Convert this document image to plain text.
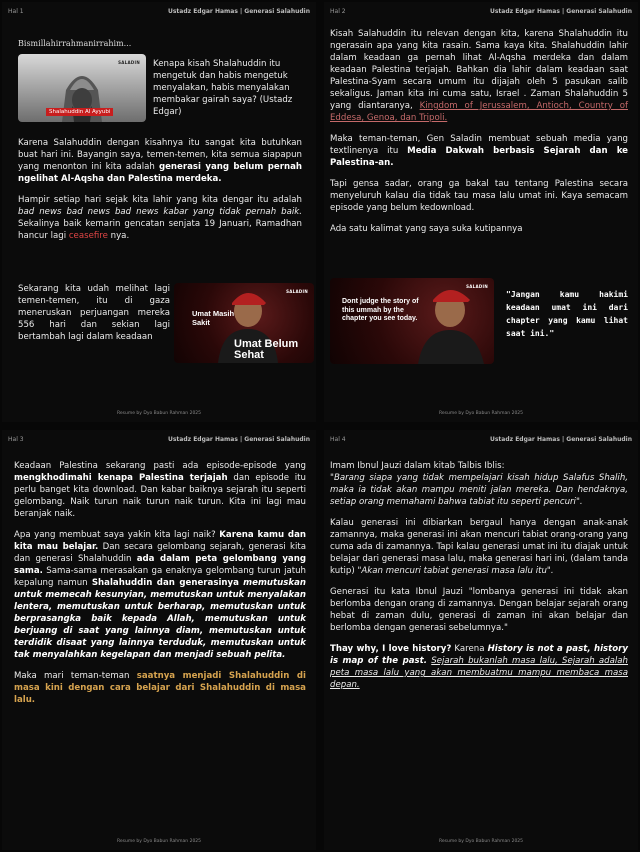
Hal 1	Ustadz Edgar Hamas | Generasi Salahudin
Bismillahirrahmanirrahim...
Shalahuddin Al Ayyubi
SALADIN Kenapa kisah Shalahuddin itu mengetuk dan habis mengetuk menyalakan, habis menyalakan membakar gairah saya? (Ustadz Edgar)

Karena Salahuddin dengan kisahnya itu sangat kita butuhkan buat hari ini. Bayangin saya, temen-temen, kita semua siapapun yang menonton ini kita adalah generasi yang belum pernah ngelihat Al-Aqsha dan Palestina merdeka.

Hampir setiap hari sejak kita lahir yang kita dengar itu adalah bad news bad news bad news kabar yang tidak pernah baik. Sekalinya baik kemarin gencatan senjata 19 Januari, Ramadhan hancur lagi ceasefire nya.

Sekarang kita udah melihat lagi temen-temen, itu di gaza meneruskan perjuangan mereka 556 hari dan sekian lagi bertambah lagi dalam keadaan
Umat Masih Sakit
Umat Belum Sehat
SALADIN
Resume by Dyo Babun Rahman 2025
Hal 2	Ustadz Edgar Hamas | Generasi Salahudin

Kisah Salahuddin itu relevan dengan kita, karena Shalahuddin itu ngerasain apa yang kita rasain. Sama kaya kita. Shalahuddin lahir dalam keadaan ga pernah lihat Al-Aqsha merdeka dan dalam keadaan Palestina terjajah. Bahkan dia lahir dalam keadaan saat Palestina-Syam secara umum itu dijajah oleh 5 pasukan salib sekaligus. Jaman kita ini cuma satu, Israel . Zaman Shalahuddin 5 yang diantaranya, Kingdom of Jerussalem, Antioch, Country of Eddesa, Genoa, dan Tripoli.

Maka teman-teman, Gen Saladin membuat sebuah media yang textlinenya itu Media Dakwah berbasis Sejarah dan ke Palestina-an.

Tapi gensa sadar, orang ga bakal tau tentang Palestina secara menyeluruh kalau dia tidak tau masa lalu umat ini. Kaya semacam episode yang belum kedownload.

Ada satu kalimat yang saya suka kutipannya

Dont judge the story of this ummah by the chapter you see today.
SALADIN
"Jangan kamu hakimi keadaan umat ini dari chapter yang kamu lihat saat ini."
Resume by Dyo Babun Rahman 2025
Hal 3	Ustadz Edgar Hamas | Generasi Salahudin

Keadaan Palestina sekarang pasti ada episode-episode yang mengkhodimahi kenapa Palestina terjajah dan episode itu perlu banget kita download. Dan kabar baiknya sejarah itu seperti gelombang. Naik turun naik turun naik turun. Kita ini lagi mau beranjak naik.

Apa yang membuat saya yakin kita lagi naik? Karena kamu dan kita mau belajar. Dan secara gelombang sejarah, generasi kita dan generasi Shalahuddin ada dalam peta gelombang yang sama. Sama-sama merasakan ga enaknya gelombang turun jatuh kepalung namun Shalahuddin dan generasinya memutuskan untuk memecah kesunyian, memutuskan untuk menyalakan lentera, memutuskan untuk berharap, memutuskan untuk berprasangka baik kepada Allah, memutuskan untuk berjuang di saat yang lainnya diam, memutuskan untuk terdidik disaat yang lainnya terduduk, memutuskan untuk tak menyalahkan kegelapan dan menjadi sebuah pelita.

Maka mari teman-teman saatnya menjadi Shalahuddin di masa kini dengan cara belajar dari Shalahuddin di masa lalu.

Resume by Dyo Babun Rahman 2025
Hal 4	Ustadz Edgar Hamas | Generasi Salahudin

Imam Ibnul Jauzi dalam kitab Talbis Iblis:
"Barang siapa yang tidak mempelajari kisah hidup Salafus Shalih, maka ia tidak akan mampu meniti jalan mereka. Dan hendaknya, setiap orang memahami bahwa tabiat itu seperti pencuri".

Kalau generasi ini dibiarkan bergaul hanya dengan anak-anak zamannya, maka generasi ini akan mencuri tabiat orang-orang yang cuma ada di zamannya. Tapi kalau generasi umat ini itu diajak untuk belajar dari generasi masa lalu, maka generasi hari ini, (dalam tanda kutip) "Akan mencuri tabiat generasi masa lalu itu".

Generasi itu kata Ibnul Jauzi "lombanya generasi ini tidak akan berlomba dengan orang di zamannya. Dengan belajar sejarah orang hebat di zaman dulu, generasi di zaman ini akan belajar dan berlomba dengan generasi sebelumnya."

Thay why, I love history? Karena History is not a past, history is map of the past. Sejarah bukanlah masa lalu, Sejarah adalah peta masa lalu yang akan membuatmu mampu membaca masa depan.

Resume by Dyo Babun Rahman 2025
